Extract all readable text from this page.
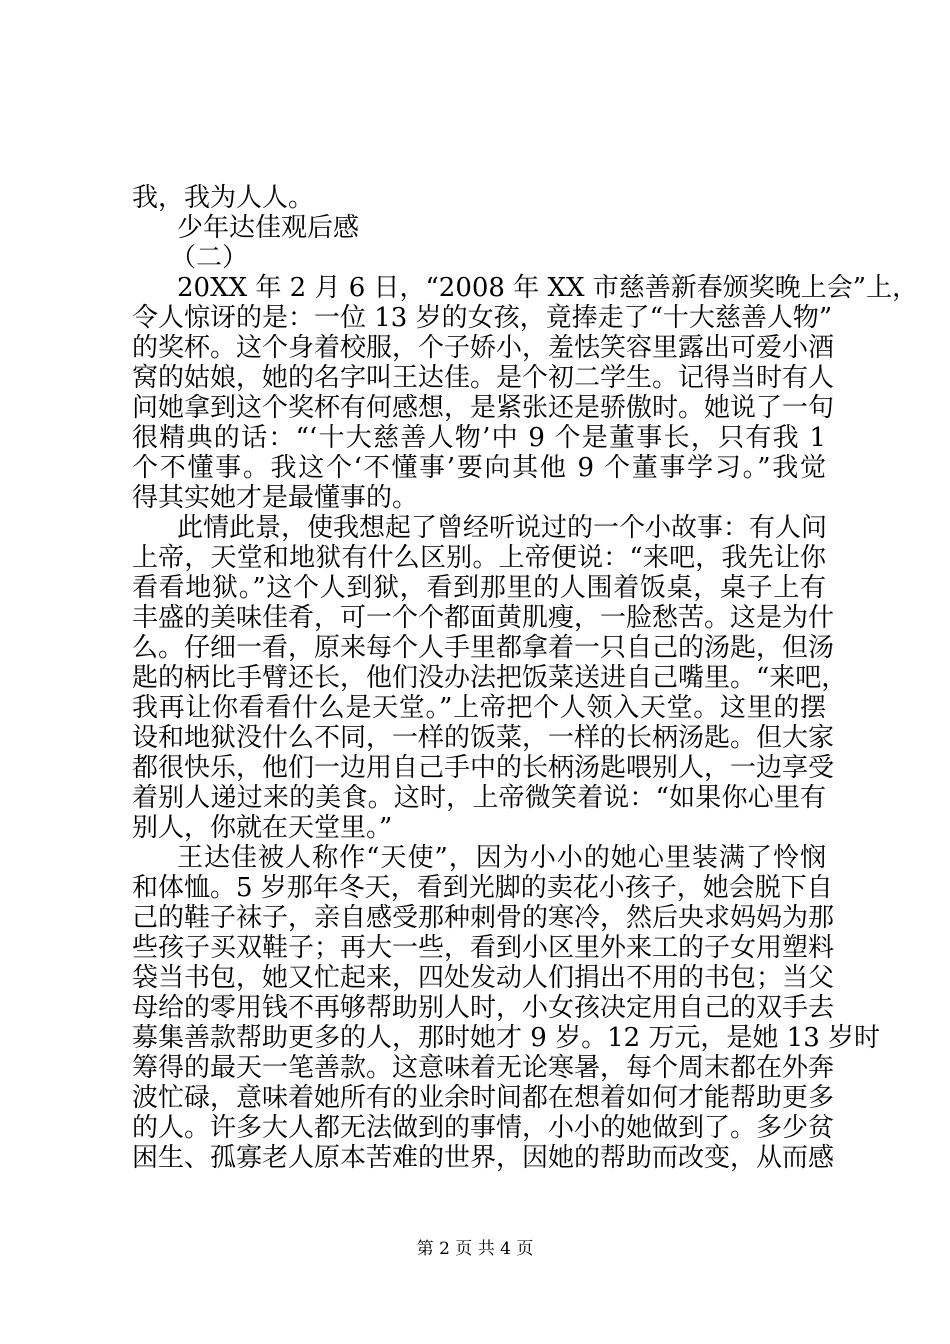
我，我为人人。
少年达佳观后感
（二）
20XX 年 2 月 6 日，“2008 年 XX 市慈善新春颁奖晚上会”上，
令人惊讶的是：一位 13 岁的女孩，竟捧走了“十大慈善人物”
的奖杯。这个身着校服，个子娇小，羞怯笑容里露出可爱小酒
窝的姑娘，她的名字叫王达佳。是个初二学生。记得当时有人
问她拿到这个奖杯有何感想，是紧张还是骄傲时。她说了一句
很精典的话：“‘十大慈善人物’中 9 个是董事长，只有我 1
个不懂事。我这个‘不懂事’要向其他 9 个董事学习。”我觉
得其实她才是最懂事的。
此情此景，使我想起了曾经听说过的一个小故事：有人问
上帝，天堂和地狱有什么区别。上帝便说：“来吧，我先让你
看看地狱。”这个人到狱，看到那里的人围着饭桌，桌子上有
丰盛的美味佳肴，可一个个都面黄肌瘦，一脸愁苦。这是为什
么。仔细一看，原来每个人手里都拿着一只自己的汤匙，但汤
匙的柄比手臂还长，他们没办法把饭菜送进自己嘴里。“来吧，
我再让你看看什么是天堂。”上帝把个人领入天堂。这里的摆
设和地狱没什么不同，一样的饭菜，一样的长柄汤匙。但大家
都很快乐，他们一边用自己手中的长柄汤匙喂别人，一边享受
着别人递过来的美食。这时，上帝微笑着说：“如果你心里有
别人，你就在天堂里。”
王达佳被人称作“天使”，因为小小的她心里装满了怜悯
和体恤。5 岁那年冬天，看到光脚的卖花小孩子，她会脱下自
己的鞋子袜子，亲自感受那种刺骨的寒冷，然后央求妈妈为那
些孩子买双鞋子；再大一些，看到小区里外来工的子女用塑料
袋当书包，她又忙起来，四处发动人们捐出不用的书包；当父
母给的零用钱不再够帮助别人时，小女孩决定用自己的双手去
募集善款帮助更多的人，那时她才 9 岁。12 万元，是她 13 岁时
筹得的最天一笔善款。这意味着无论寒暑，每个周末都在外奔
波忙碌，意味着她所有的业余时间都在想着如何才能帮助更多
的人。许多大人都无法做到的事情，小小的她做到了。多少贫
困生、孤寡老人原本苦难的世界，因她的帮助而改变，从而感
第 2 页 共 4 页
